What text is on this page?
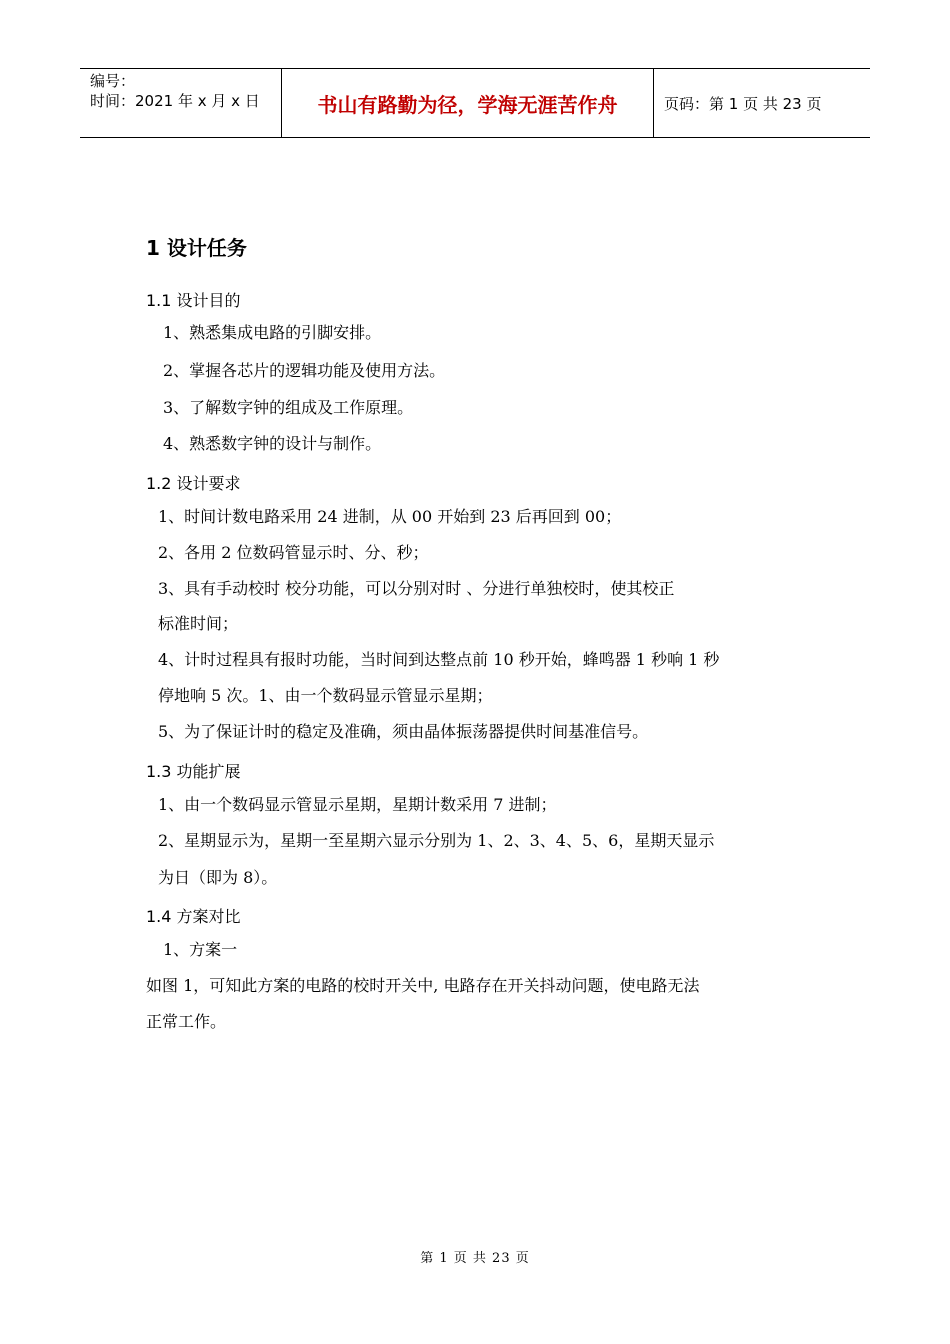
编号：
时间：2021 年 x 月 x 日	书山有路勤为径，学海无涯苦作舟	页码：第 1 页 共 23 页
1 设计任务
1.1 设计目的
1、熟悉集成电路的引脚安排。
2、掌握各芯片的逻辑功能及使用方法。
3、了解数字钟的组成及工作原理。
4、熟悉数字钟的设计与制作。
1.2 设计要求
1、时间计数电路采用 24 进制，从 00 开始到 23 后再回到 00；
2、各用 2 位数码管显示时、分、秒；
3、具有手动校时 校分功能，可以分别对时 、分进行单独校时，使其校正
标准时间；
4、计时过程具有报时功能，当时间到达整点前 10 秒开始，蜂鸣器 1 秒响 1 秒
停地响 5 次。1、由一个数码显示管显示星期；
5、为了保证计时的稳定及准确，须由晶体振荡器提供时间基准信号。
1.3 功能扩展
1、由一个数码显示管显示星期，星期计数采用 7 进制；
2、星期显示为，星期一至星期六显示分别为 1、2、3、4、5、6，星期天显示
为日（即为 8）。
1.4 方案对比
1、方案一
如图 1，可知此方案的电路的校时开关中, 电路存在开关抖动问题，使电路无法
正常工作。
第 1 页 共 23 页
